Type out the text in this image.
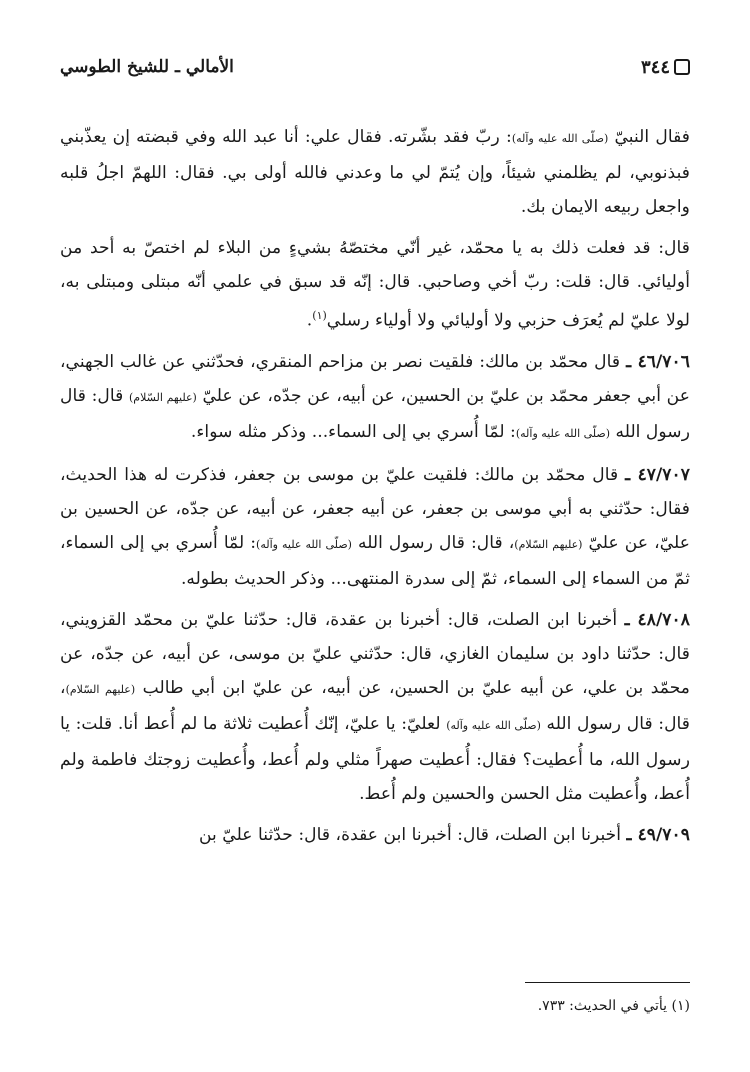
الأمالي ـ للشيخ الطوسي	٣٤٤

فقال النبيّ (صلّى الله عليه وآله): ربّ فقد بشّرته. فقال علي: أنا عبد الله وفي قبضته إن يعذّبني فبذنوبي، لم يظلمني شيئاً، وإن يُتمّ لي ما وعدني فالله أولى بي. فقال: اللهمّ اجلُ قلبه واجعل ربيعه الايمان بك.

قال: قد فعلت ذلك به يا محمّد، غير أنّي مختصّهُ بشيءٍ من البلاء لم اختصّ به أحد من أوليائي. قال: قلت: ربّ أخي وصاحبي. قال: إنّه قد سبق في علمي أنّه مبتلى ومبتلى به، لولا عليّ لم يُعرَف حزبي ولا أوليائي ولا أولياء رسلي$^{(١)}$.

٤٦/٧٠٦ ـ قال محمّد بن مالك: فلقيت نصر بن مزاحم المنقري، فحدّثني عن غالب الجهني، عن أبي جعفر محمّد بن عليّ بن الحسين، عن أبيه، عن جدّه، عن عليّ (عليهم السّلام) قال: قال رسول الله (صلّى الله عليه وآله): لمّا أُسري بي إلى السماء... وذكر مثله سواء.

٤٧/٧٠٧ ـ قال محمّد بن مالك: فلقيت عليّ بن موسى بن جعفر، فذكرت له هذا الحديث، فقال: حدّثني به أبي موسى بن جعفر، عن أبيه جعفر، عن أبيه، عن جدّه، عن الحسين بن عليّ، عن عليّ (عليهم السّلام)، قال: قال رسول الله (صلّى الله عليه وآله): لمّا أُسري بي إلى السماء، ثمّ من السماء إلى السماء، ثمّ إلى سدرة المنتهى... وذكر الحديث بطوله.

٤٨/٧٠٨ ـ أخبرنا ابن الصلت، قال: أخبرنا بن عقدة، قال: حدّثنا عليّ بن محمّد القزويني، قال: حدّثنا داود بن سليمان الغازي، قال: حدّثني عليّ بن موسى، عن أبيه، عن جدّه، عن محمّد بن علي، عن أبيه عليّ بن الحسين، عن أبيه، عن عليّ ابن أبي طالب (عليهم السّلام)، قال: قال رسول الله (صلّى الله عليه وآله) لعليّ: يا عليّ، إنّك أُعطيت ثلاثة ما لم أُعط أنا. قلت: يا رسول الله، ما أُعطيت؟ فقال: أُعطيت صهراً مثلي ولم أُعط، وأُعطيت زوجتك فاطمة ولم أُعط، وأُعطيت مثل الحسن والحسين ولم أُعط.

٤٩/٧٠٩ ـ أخبرنا ابن الصلت، قال: أخبرنا ابن عقدة، قال: حدّثنا عليّ بن

(١) يأتي في الحديث: ٧٣٣.
